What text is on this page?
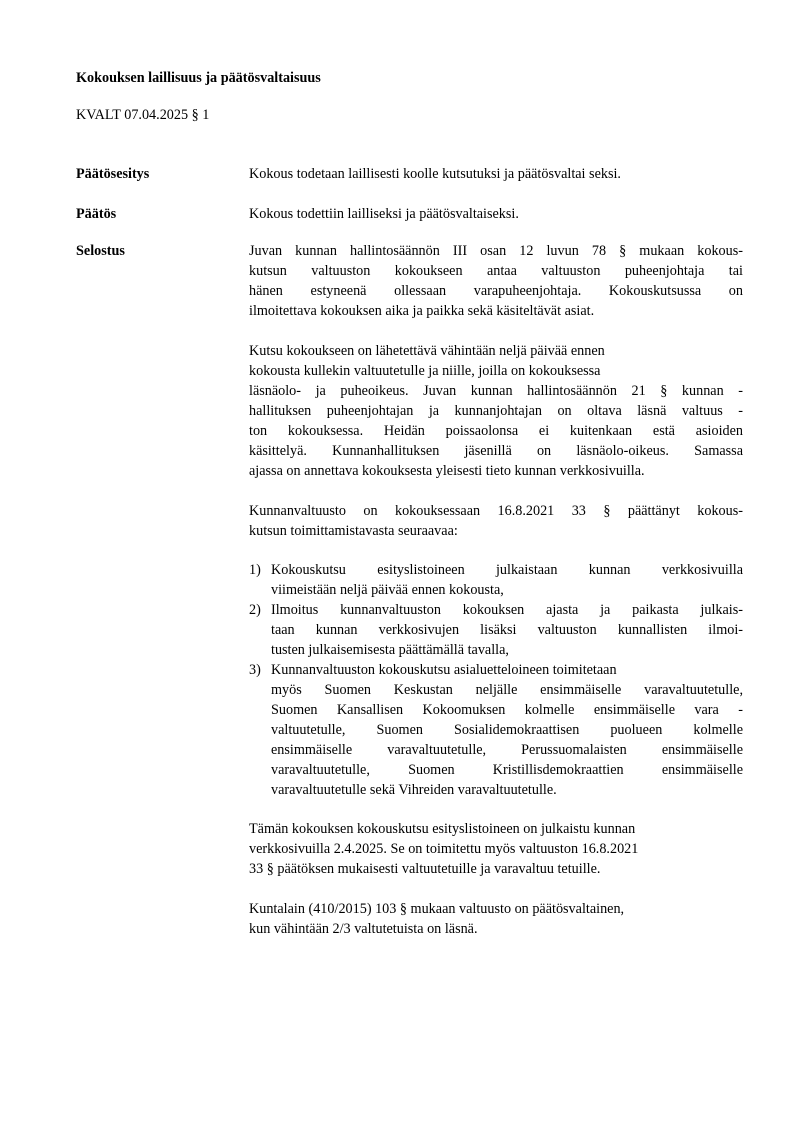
Kokouksen laillisuus ja päätösvaltaisuus
KVALT 07.04.2025 § 1
Päätösesitys	Kokous todetaan laillisesti koolle kutsutuksi ja päätösvaltai seksi.
Päätös	Kokous todettiin lailliseksi ja päätösvaltaiseksi.
Selostus	Juvan kunnan hallintosäännön III osan 12 luvun 78 § mukaan kokous-
kutsun valtuuston kokoukseen antaa valtuuston puheenjohtaja tai
hänen estyneenä ollessaan varapuheenjohtaja. Kokouskutsussa on
ilmoitettava kokouksen aika ja paikka sekä käsiteltävät asiat.
Kutsu kokoukseen on lähetettävä vähintään neljä päivää ennen
kokousta kullekin valtuutetulle ja niille, joilla on kokouksessa
läsnäolo- ja puheoikeus. Juvan kunnan hallintosäännön 21 § kunnan -
hallituksen puheenjohtajan ja kunnanjohtajan on oltava läsnä valtuus -
ton kokouksessa. Heidän poissaolonsa ei kuitenkaan estä asioiden
käsittelyä. Kunnanhallituksen jäsenillä on läsnäolo-oikeus. Samassa
ajassa on annettava kokouksesta yleisesti tieto kunnan verkkosivuilla.
Kunnanvaltuusto on kokouksessaan 16.8.2021 33 § päättänyt kokous-
kutsun toimittamistavasta seuraavaa:
1) Kokouskutsu esityslistoineen julkaistaan kunnan verkkosivuilla
viimeistään neljä päivää ennen kokousta,
2) Ilmoitus kunnanvaltuuston kokouksen ajasta ja paikasta julkais-
taan kunnan verkkosivujen lisäksi valtuuston kunnallisten ilmoi-
tusten julkaisemisesta päättämällä tavalla,
3) Kunnanvaltuuston kokouskutsu asialuetteloineen toimitetaan
myös Suomen Keskustan neljälle ensimmäiselle varavaltuutetulle,
Suomen Kansallisen Kokoomuksen kolmelle ensimmäiselle vara -
valtuutetulle, Suomen Sosialidemokraattisen puolueen kolmelle
ensimmäiselle varavaltuutetulle, Perussuomalaisten ensimmäiselle
varavaltuutetulle, Suomen Kristillisdemokraattien ensimmäiselle
varavaltuutetulle sekä Vihreiden varavaltuutetulle.
Tämän kokouksen kokouskutsu esityslistoineen on julkaistu kunnan
verkkosivuilla 2.4.2025. Se on toimitettu myös valtuuston 16.8.2021
33 § päätöksen mukaisesti valtuutetuille ja varavaltuu tetuille.
Kuntalain (410/2015) 103 § mukaan valtuusto on päätösvaltainen,
kun vähintään 2/3 valtutetuista on läsnä.
